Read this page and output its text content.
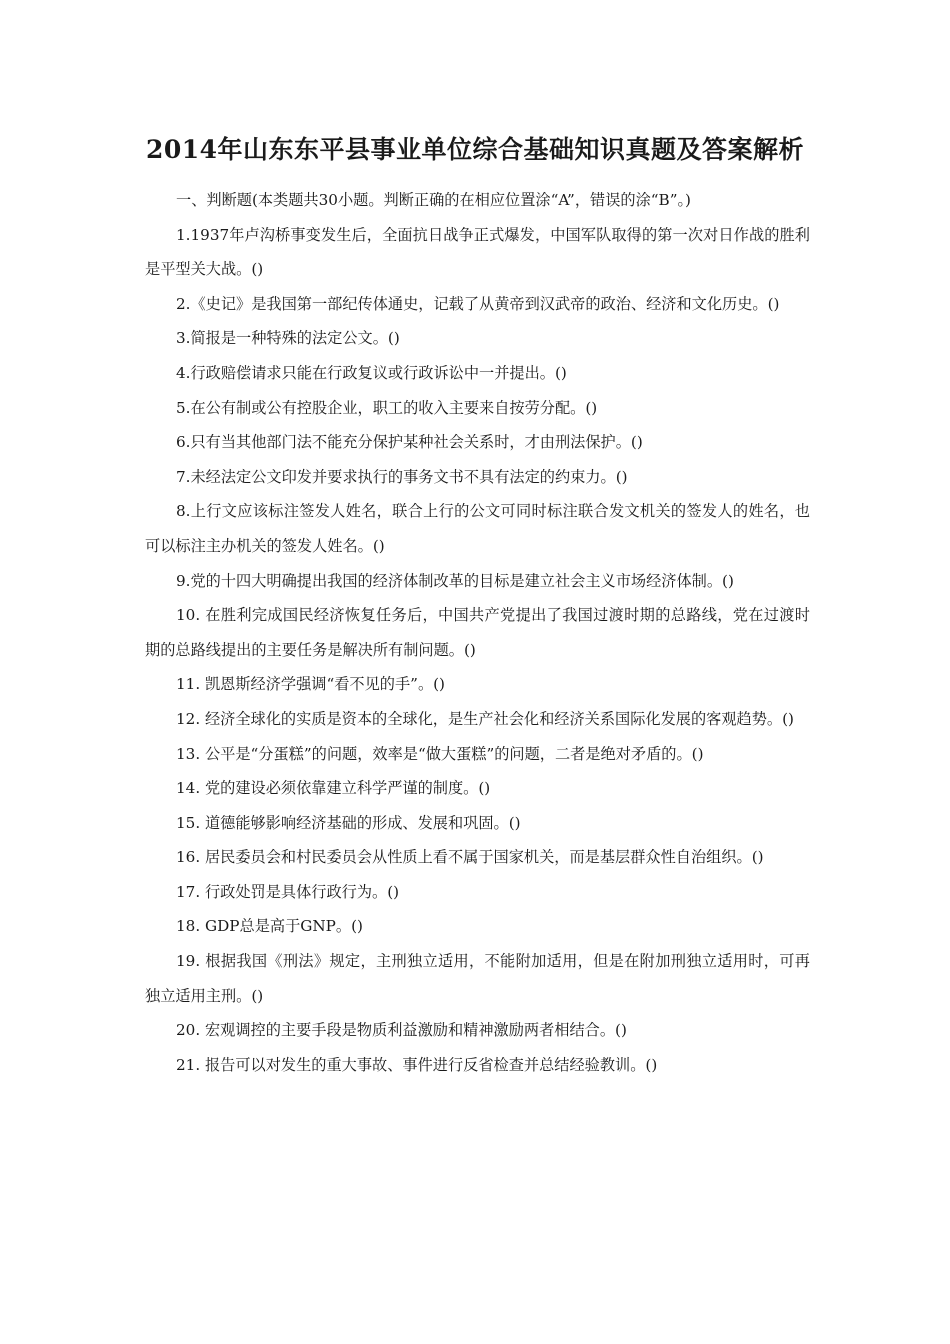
2014年山东东平县事业单位综合基础知识真题及答案解析

一、判断题(本类题共30小题。判断正确的在相应位置涂“A”，错误的涂“B”。)

1.1937年卢沟桥事变发生后，全面抗日战争正式爆发，中国军队取得的第一次对日作战的胜利是平型关大战。()

2.《史记》是我国第一部纪传体通史，记载了从黄帝到汉武帝的政治、经济和文化历史。()

3.简报是一种特殊的法定公文。()

4.行政赔偿请求只能在行政复议或行政诉讼中一并提出。()

5.在公有制或公有控股企业，职工的收入主要来自按劳分配。()

6.只有当其他部门法不能充分保护某种社会关系时，才由刑法保护。()

7.未经法定公文印发并要求执行的事务文书不具有法定的约束力。()

8.上行文应该标注签发人姓名，联合上行的公文可同时标注联合发文机关的签发人的姓名，也可以标注主办机关的签发人姓名。()

9.党的十四大明确提出我国的经济体制改革的目标是建立社会主义市场经济体制。()

10. 在胜利完成国民经济恢复任务后，中国共产党提出了我国过渡时期的总路线，党在过渡时期的总路线提出的主要任务是解决所有制问题。()

11. 凯恩斯经济学强调“看不见的手”。()

12. 经济全球化的实质是资本的全球化，是生产社会化和经济关系国际化发展的客观趋势。()

13. 公平是“分蛋糕”的问题，效率是“做大蛋糕”的问题，二者是绝对矛盾的。()

14. 党的建设必须依靠建立科学严谨的制度。()

15. 道德能够影响经济基础的形成、发展和巩固。()

16. 居民委员会和村民委员会从性质上看不属于国家机关，而是基层群众性自治组织。()

17. 行政处罚是具体行政行为。()

18. GDP总是高于GNP。()

19. 根据我国《刑法》规定，主刑独立适用，不能附加适用，但是在附加刑独立适用时，可再独立适用主刑。()

20. 宏观调控的主要手段是物质利益激励和精神激励两者相结合。()

21. 报告可以对发生的重大事故、事件进行反省检查并总结经验教训。()
